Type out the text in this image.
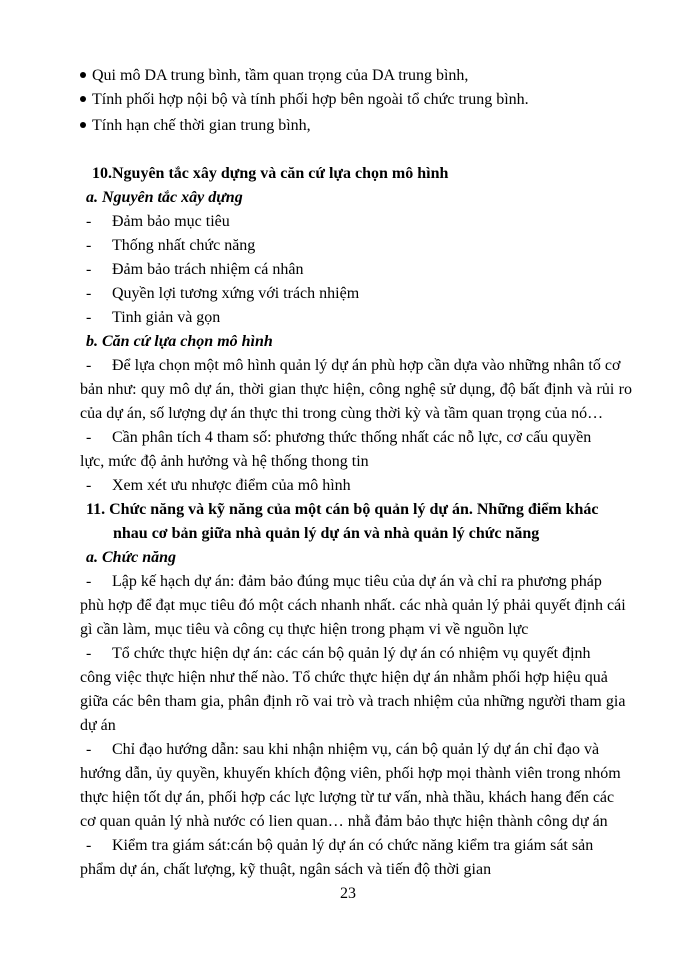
Qui mô DA trung bình, tầm quan trọng của DA trung bình,
Tính phối hợp nội bộ và tính phối hợp bên ngoài tổ chức trung bình.
Tính hạn chế thời gian trung bình,
10.Nguyên tắc xây dựng và căn cứ lựa chọn mô hình
a. Nguyên tắc xây dựng
- Đảm bảo mục tiêu
- Thống nhất chức năng
- Đảm bảo trách nhiệm cá nhân
- Quyền lợi tương xứng với trách nhiệm
- Tinh giản và gọn
b. Căn cứ lựa chọn mô hình
- Để lựa chọn một mô hình quản lý dự án phù hợp cần dựa vào những nhân tố cơ
bản như: quy mô dự án, thời gian thực hiện, công nghệ sử dụng, độ bất định và rủi ro
của dự án, số lượng dự án thực thi trong cùng thời kỳ và tầm quan trọng của nó…
- Cần phân tích 4 tham số: phương thức thống nhất các nỗ lực, cơ cấu quyền
lực, mức độ ảnh hưởng và hệ thống thong tin
- Xem xét ưu nhược điểm của mô hình
11. Chức năng và kỹ năng của một cán bộ quản lý dự án. Những điểm khác
nhau cơ bản giữa nhà quản lý dự án và nhà quản lý chức năng
a. Chức năng
- Lập kế hạch dự án: đảm bảo đúng mục tiêu của dự án và chỉ ra phương pháp
phù hợp để đạt mục tiêu đó một cách nhanh nhất. các nhà quản lý phải quyết định cái
gì cần làm, mục tiêu và công cụ thực hiện trong phạm vi về nguồn lực
- Tổ chức thực hiện dự án: các cán bộ quản lý dự án có nhiệm vụ quyết định
công việc thực hiện như thế nào. Tổ chức thực hiện dự án nhằm phối hợp hiệu quả
giữa các bên tham gia, phân định rõ vai trò và trach nhiệm của những người tham gia
dự án
- Chỉ đạo hướng dẫn: sau khi nhận nhiệm vụ, cán bộ quản lý dự án chỉ đạo và
hướng dẫn, ủy quyền, khuyến khích động viên, phối hợp mọi thành viên trong nhóm
thực hiện tốt dự án, phối hợp các lực lượng từ tư vấn, nhà thầu, khách hang đến các
cơ quan quản lý nhà nước có lien quan… nhằ đảm bảo thực hiện thành công dự án
- Kiểm tra giám sát:cán bộ quản lý dự án có chức năng kiểm tra giám sát sản
phẩm dự án, chất lượng, kỹ thuật, ngân sách và tiến độ thời gian
23
